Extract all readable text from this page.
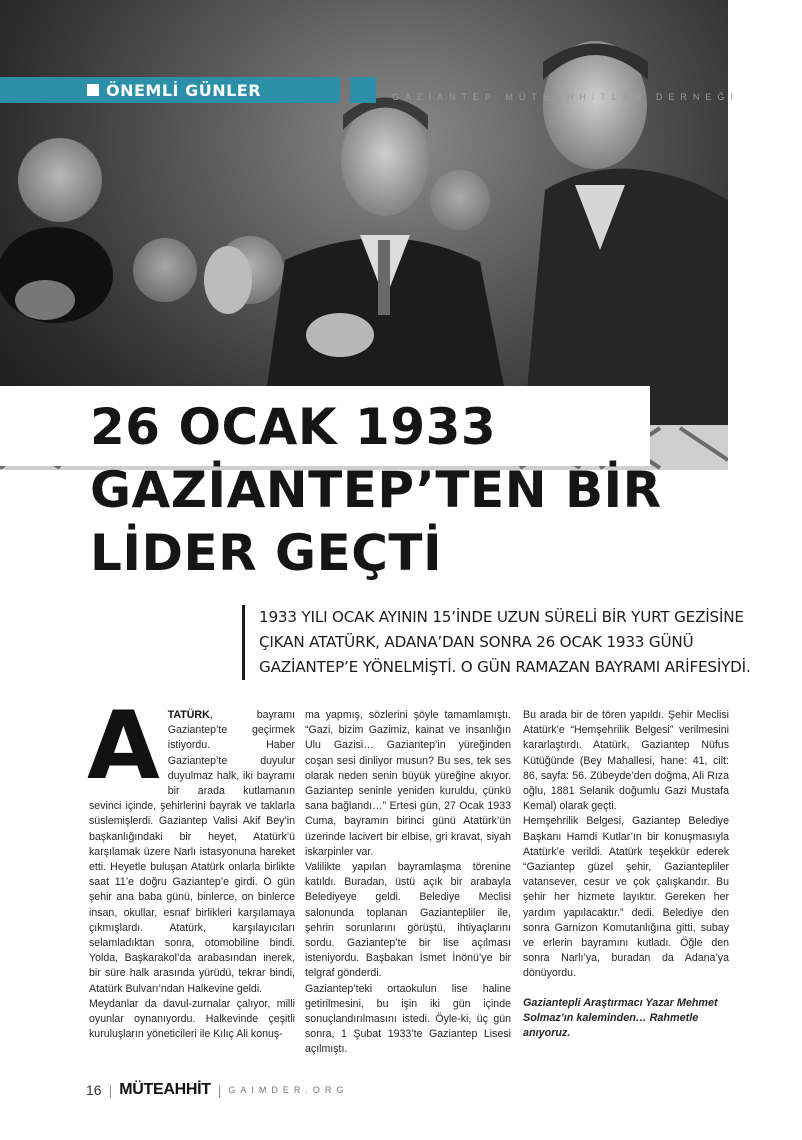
ÖNEMLİ GÜNLER	GAZİANTEP MÜTEAHHİTLER DERNEĞİ
26 OCAK 1933
GAZİANTEP’TEN BİR
LİDER GEÇTİ
1933 YILI OCAK AYININ 15’İNDE UZUN SÜRELİ BİR YURT GEZİSİNE
ÇIKAN ATATÜRK, ADANA’DAN SONRA 26 OCAK 1933 GÜNÜ
GAZİANTEP’E YÖNELMİŞTİ. O GÜN RAMAZAN BAYRAMI ARİFESİYDİ.

ATATÜRK, bayramı Gaziantep’te geçirmek istiyordu. Haber Gaziantep’te duyulur duyulmaz halk, iki bayramı bir arada kutlamanın sevinci içinde, şehirlerini bayrak ve taklarla süslemişlerdi. Gaziantep Valisi Akif Bey’in başkanlığındaki bir heyet, Atatürk’ü karşılamak üzere Narlı istasyonuna hareket etti. Heyetle buluşan Atatürk onlarla birlikte saat 11’e doğru Gaziantep’e girdi. O gün şehir ana baba günü, binlerce, on binlerce insan, okullar, esnaf birlikleri karşılamaya çıkmışlardı. Atatürk, karşılayıcıları selamladıktan sonra, otomobiline bindi. Yolda, Başkarakol’da arabasından inerek, bir süre halk arasında yürüdü, tekrar bindi, Atatürk Bulvarı’ndan Halkevine geldi.

Meydanlar da davul-zurnalar çalıyor, milli oyunlar oynanıyordu. Halkevinde çeşitli kuruluşların yöneticileri ile Kılıç Ali konuş-

ma yapmış, sözlerini şöyle tamamlamıştı. “Gazi, bizim Gazimiz, kainat ve insanlığın Ulu Gazisi… Gaziantep’in yüreğinden coşan sesi dinliyor musun? Bu ses, tek ses olarak neden senin büyük yüreğine akıyor. Gaziantep seninle yeniden kuruldu, çünkü sana bağlandı…” Ertesi gün, 27 Ocak 1933 Cuma, bayramın birinci günü Atatürk’ün üzerinde lacivert bir elbise, gri kravat, siyah iskarpinler var.

Valilikte yapılan bayramlaşma törenine katıldı. Buradan, üstü açık bir arabayla Belediyeye geldi. Belediye Meclisi salonunda toplanan Gaziantepliler ile, şehrin sorunlarını görüştü, ihtiyaçlarını sordu. Gaziantep’te bir lise açılması isteniyordu. Başbakan İsmet İnönü’ye bir telgraf gönderdi.

Gaziantep’teki ortaokulun lise haline getirilmesini, bu işin iki gün içinde sonuçlandırılmasını istedi. Öyle-ki, üç gün sonra, 1 Şubat 1933’te Gaziantep Lisesi açılmıştı.

Bu arada bir de tören yapıldı. Şehir Meclisi Atatürk’e “Hemşehrilik Belgesi” verilmesini kararlaştırdı. Atatürk, Gaziantep Nüfus Kütüğünde (Bey Mahallesi, hane: 41, cilt: 86, sayfa: 56. Zübeyde’den doğma, Ali Rıza oğlu, 1881 Selanik doğumlu Gazi Mustafa Kemal) olarak geçti.

Hemşehrilik Belgesi, Gaziantep Belediye Başkanı Hamdi Kutlar’ın bir konuşmasıyla Atatürk’e verildi. Atatürk teşekkür ederek “Gaziantep güzel şehir, Gaziantepliler vatansever, cesur ve çok çalışkandır. Bu şehir her hizmete layıktır. Gereken her yardım yapılacaktır.” dedi. Belediye den sonra Garnizon Komutanlığına gitti, subay ve erlerin bayramını kutladı. Öğle den sonra Narlı’ya, buradan da Adana’ya dönüyordu.

Gaziantepli Araştırmacı Yazar Mehmet Solmaz’ın kaleminden… Rahmetle anıyoruz.

16 | MÜTEAHHİT | GAIMDER.ORG
